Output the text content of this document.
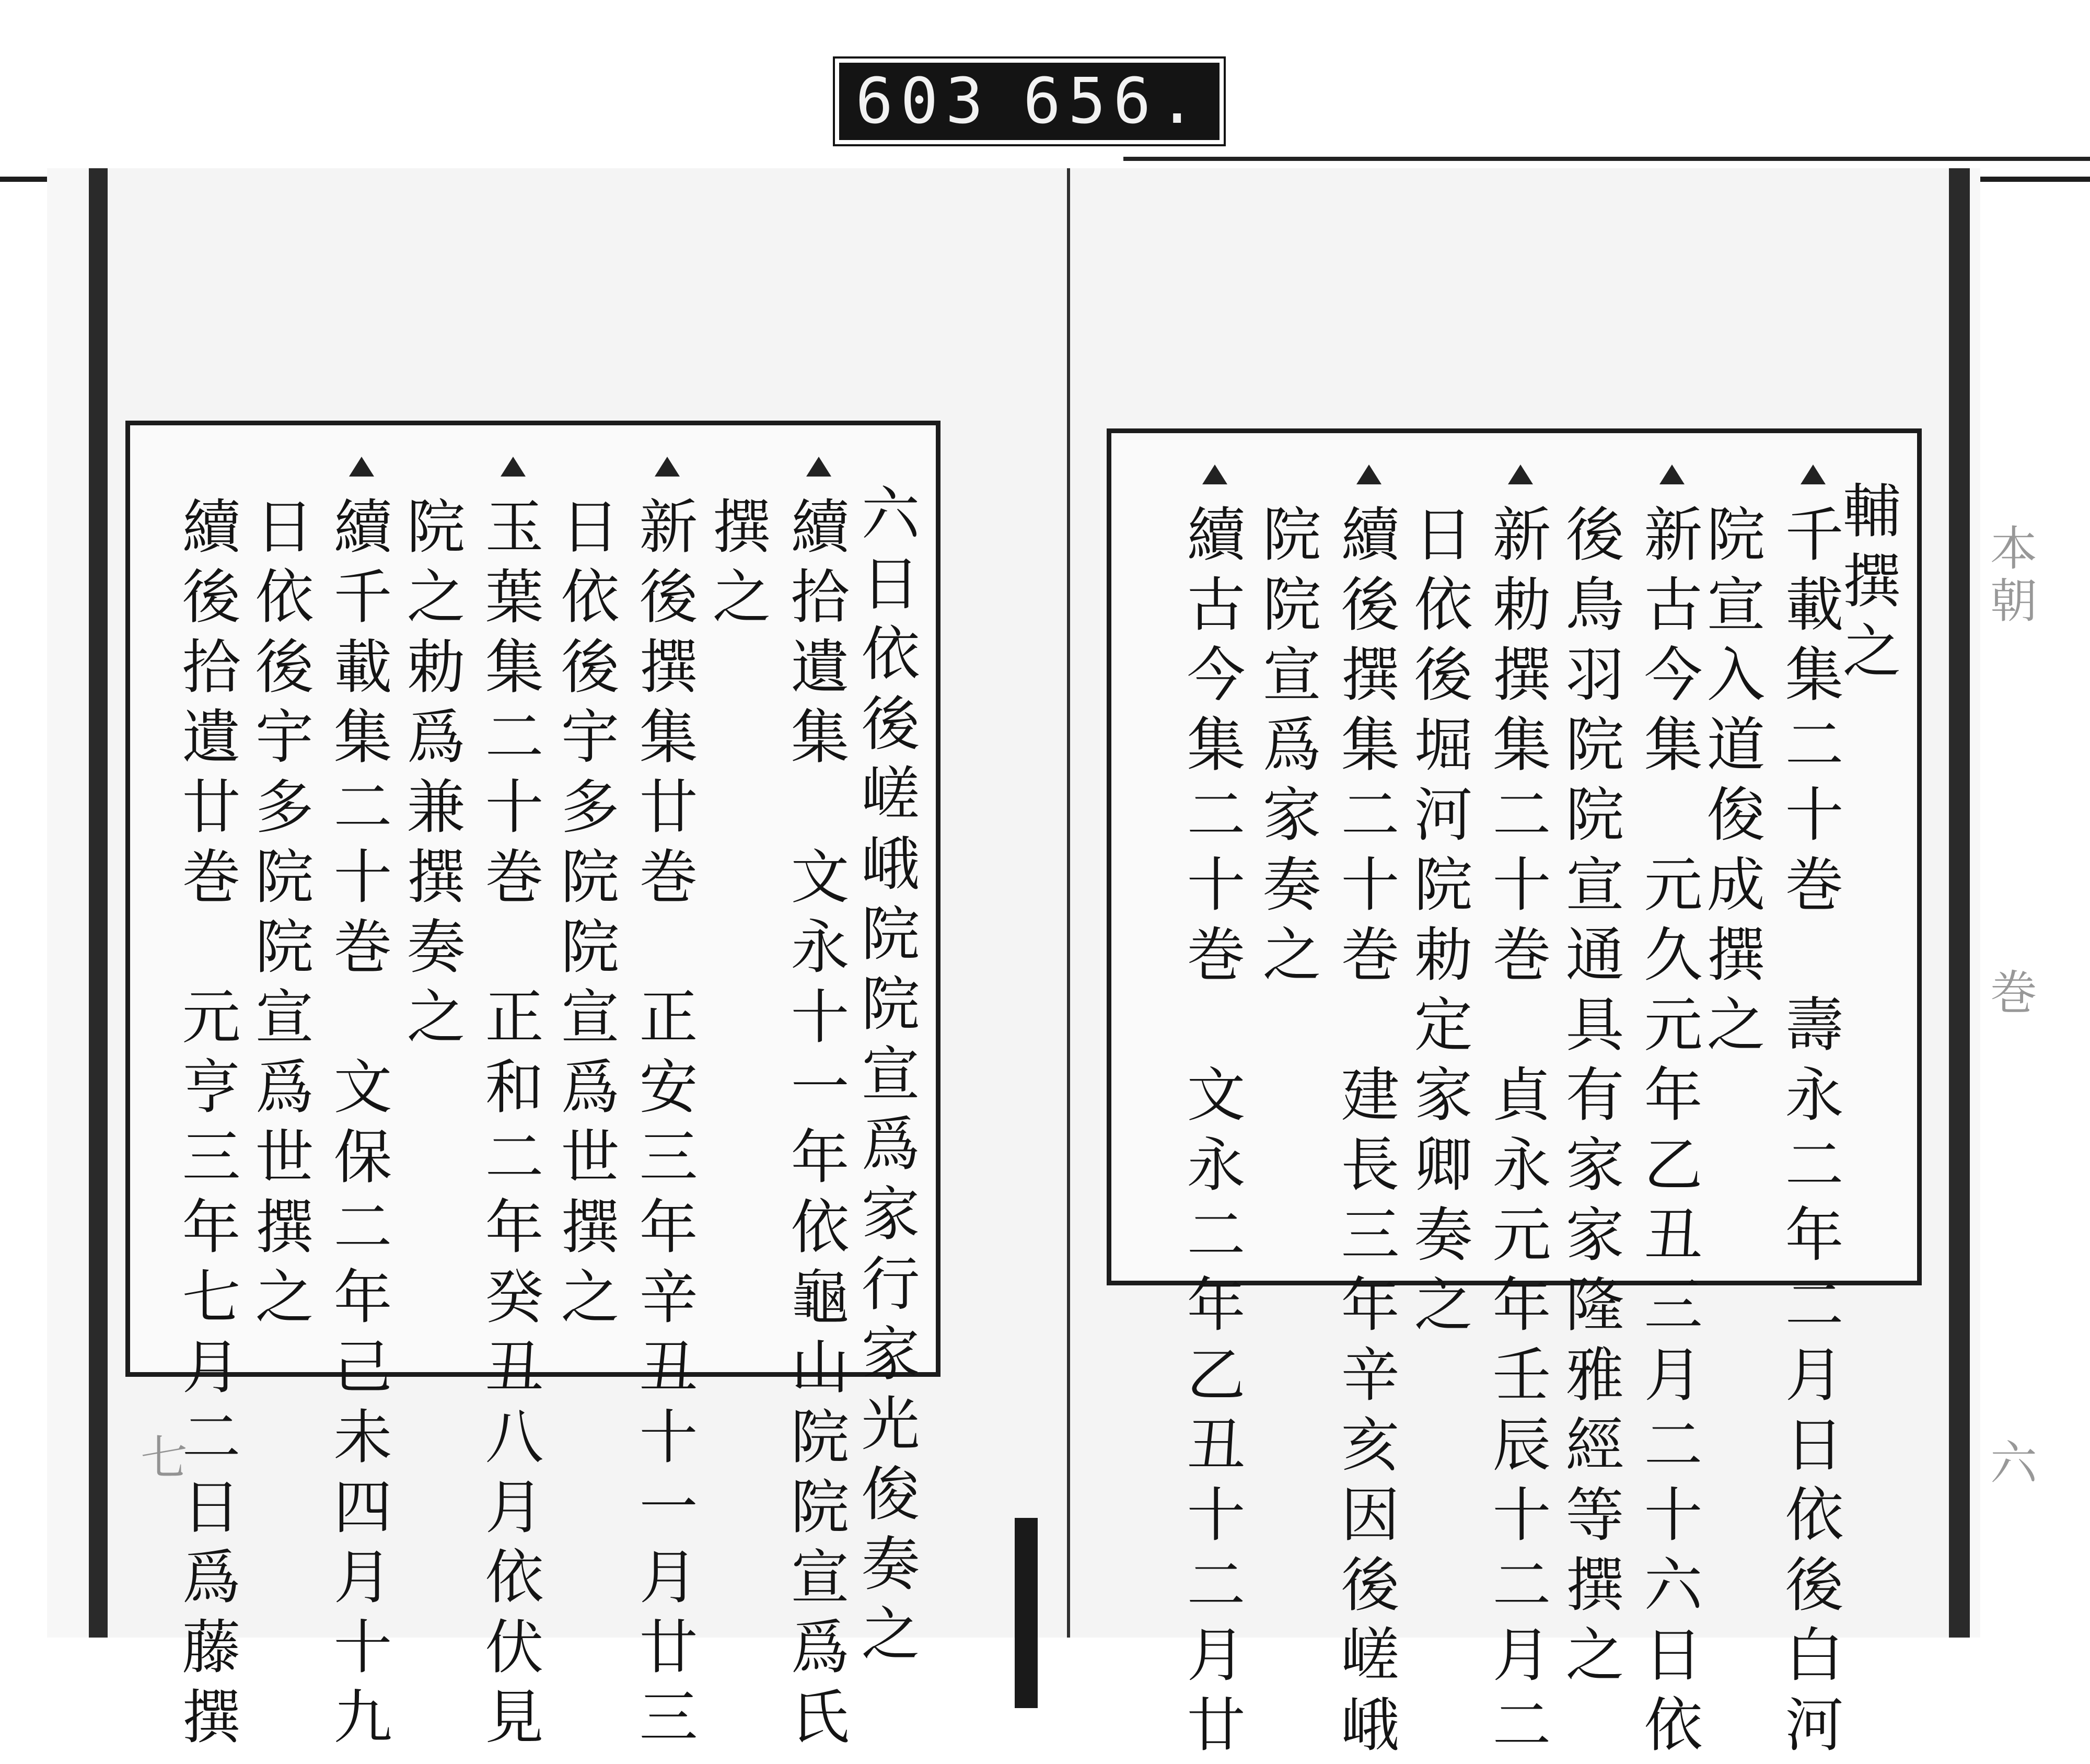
603 656.
七
本朝
巻
六
輔撰之
千載集二十巻　壽永二年二月日依後白河
院宣入道俊成撰之
新古今集　元久元年乙丑三月二十六日依
後鳥羽院院宣通具有家家隆雅經等撰之
新勅撰集二十巻　貞永元年壬辰十二月二
日依後堀河院勅定家卿奏之
續後撰集二十巻　建長三年辛亥因後嵯峨
院院宣爲家奏之
續古今集二十巻　文永二年乙丑十二月廿
六日依後嵯峨院院宣爲家行家光俊奏之
續拾遺集　文永十一年依龜山院院宣爲氏
撰之
新後撰集廿巻　正安三年辛丑十一月廿三
日依後宇多院院宣爲世撰之
玉葉集二十巻　正和二年癸丑八月依伏見
院之勅爲兼撰奏之
續千載集二十巻　文保二年己未四月十九
日依後宇多院院宣爲世撰之
續後拾遺廿巻　元亨三年七月二日爲藤撰
